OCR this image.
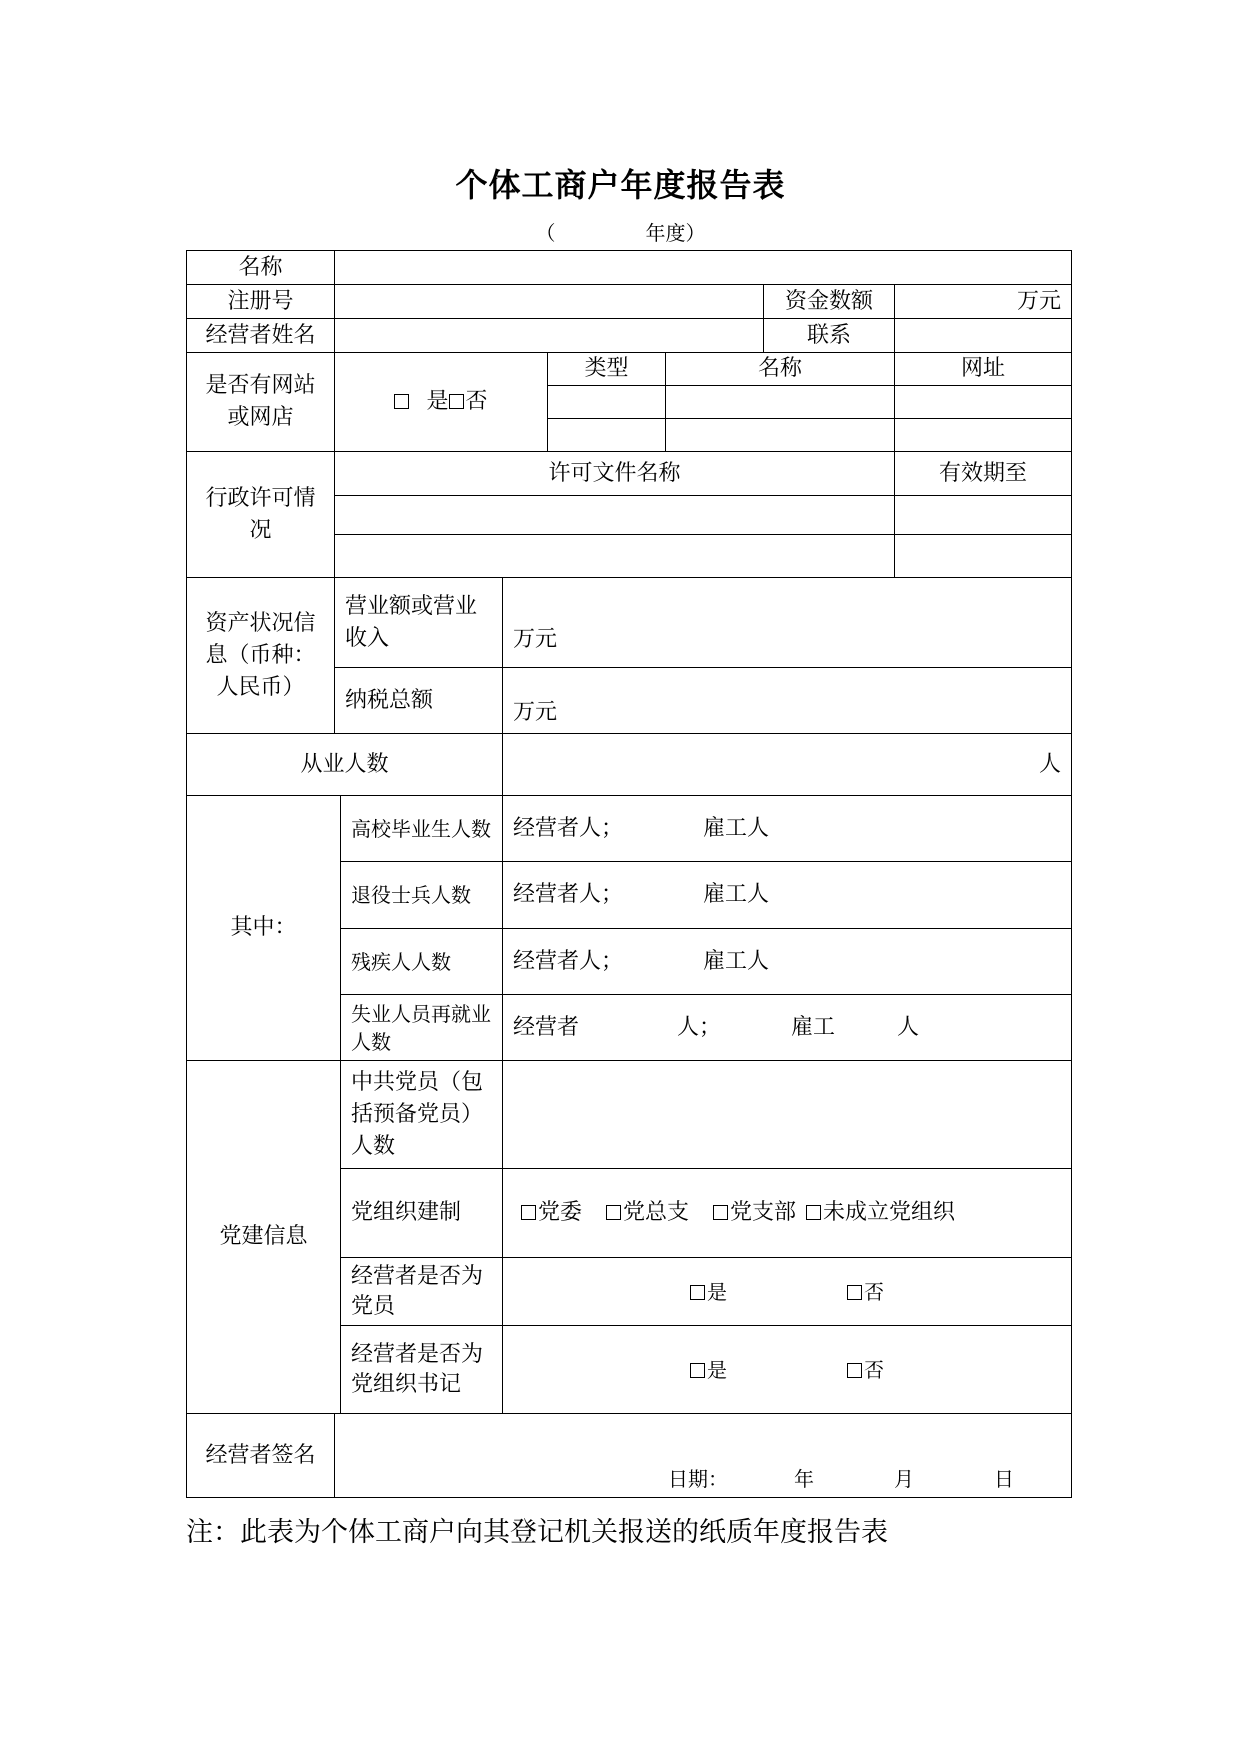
个体工商户年度报告表
（	年度）
名称							
注册号						资金数额	万元
经营者姓名						联系	
是否有网站或网店	是 否			类型	名称		网址

行政许可情况	许可文件名称						有效期至

资产状况信息（币种：人民币）	营业额或营业收入		万元				
	纳税总额		万元				
从业人数			人				
其中：		高校毕业生人数	经营者人； 雇工人				
		退役士兵人数	经营者人； 雇工人				
		残疾人人数	经营者人； 雇工人				
		失业人员再就业人数	经营者 人； 雇工 人				
党建信息		中共党员（包括预备党员）人数					
		党组织建制	党委 党总支 党支部 未成立党组织				
		经营者是否为党员	是 否				
		经营者是否为党组织书记	是 否				
经营者签名	日期： 年 月 日						
注：此表为个体工商户向其登记机关报送的纸质年度报告表
